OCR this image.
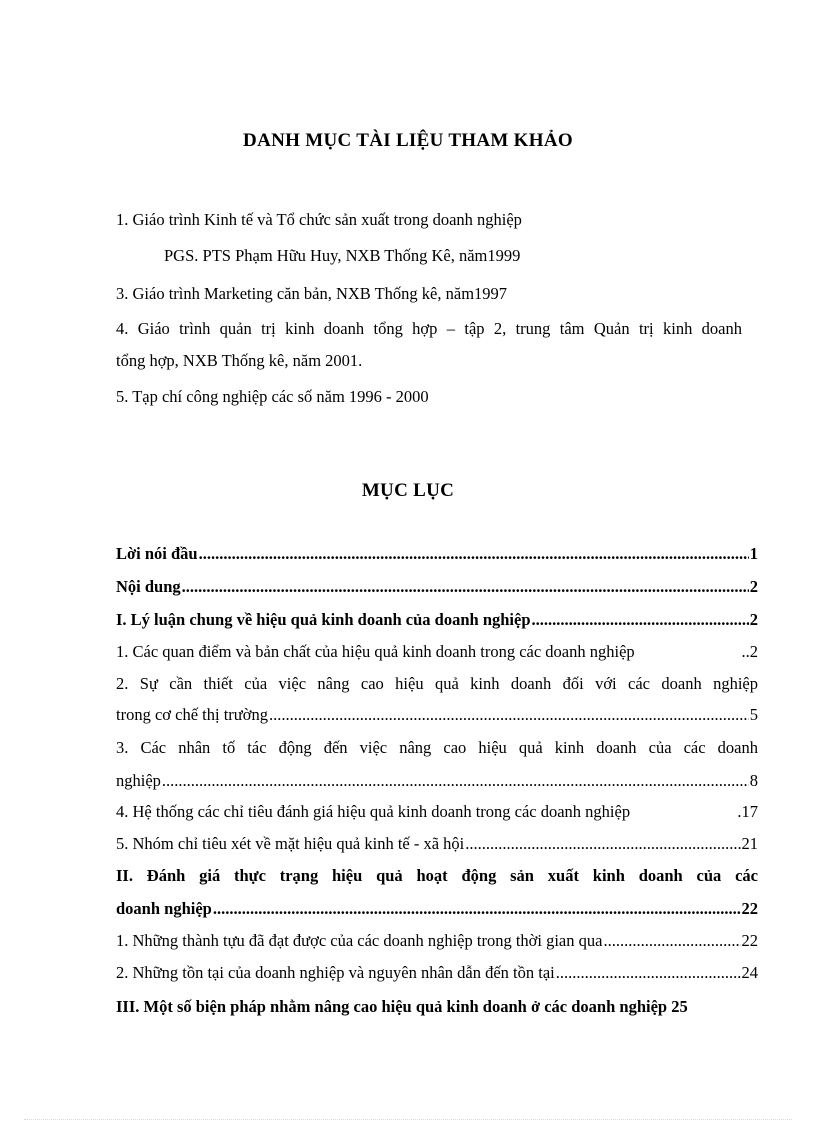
DANH MỤC TÀI LIỆU THAM KHẢO
1. Giáo trình Kinh tế và Tổ chức sản xuất trong doanh nghiệp
PGS. PTS Phạm Hữu Huy, NXB Thống Kê, năm1999
3. Giáo trình Marketing căn bản, NXB Thống kê, năm1997
4. Giáo trình quản trị kinh doanh tổng hợp – tập 2, trung tâm Quản trị kinh doanh
tổng hợp, NXB Thống kê, năm 2001.
5. Tạp chí công nghiệp các số năm 1996 - 2000
MỤC LỤC
Lời nói đầu .....	1
Nội dung .....	2
I. Lý luận chung về hiệu quả kinh doanh của doanh nghiệp .....	2
1. Các quan điểm và bản chất của hiệu quả kinh doanh trong các doanh nghiệp	..2
2. Sự cần thiết của việc nâng cao hiệu quả kinh doanh đối với các doanh nghiệp
trong cơ chế thị trường .....	5
3. Các nhân tố tác động đến việc nâng cao hiệu quả kinh doanh của các doanh
nghiệp .....	8
4. Hệ thống các chỉ tiêu đánh giá hiệu quả kinh doanh trong các doanh nghiệp	.17
5. Nhóm chỉ tiêu xét về mặt hiệu quả kinh tế - xã hội .....	21
II. Đánh giá thực trạng hiệu quả hoạt động sản xuất kinh doanh của các
doanh nghiệp .....	22
1. Những thành tựu đã đạt được của các doanh nghiệp trong thời gian qua .....	22
2. Những tồn tại của doanh nghiệp và nguyên nhân dẫn đến tồn tại .....	24
III. Một số biện pháp nhằm nâng cao hiệu quả kinh doanh ở các doanh nghiệp 25
